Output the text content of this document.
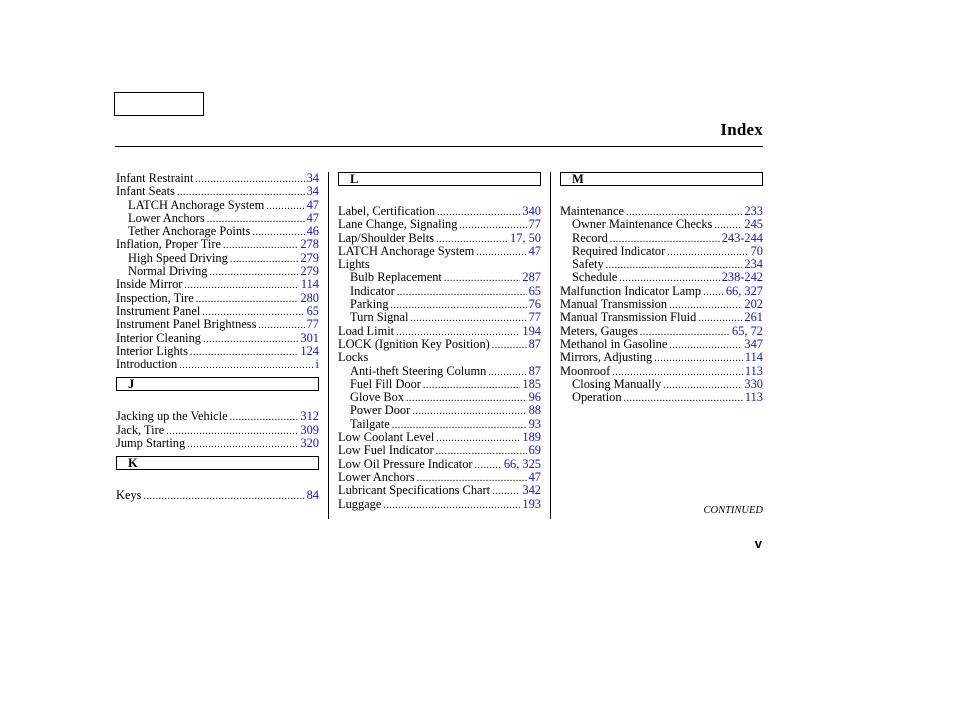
Index
Infant Restraint .....	34
Infant Seats .....	34
LATCH Anchorage System .....	47
Lower Anchors .....	47
Tether Anchorage Points .....	46
Inflation, Proper Tire .....	278
High Speed Driving .....	279
Normal Driving .....	279
Inside Mirror .....	114
Inspection, Tire .....	280
Instrument Panel .....	65
Instrument Panel Brightness .....	77
Interior Cleaning .....	301
Interior Lights .....	124
Introduction .....	i
J
Jacking up the Vehicle .....	312
Jack, Tire .....	309
Jump Starting .....	320
K
Keys .....	84
L
Label, Certification .....	340
Lane Change, Signaling .....	77
Lap/Shoulder Belts .....	17, 50
LATCH Anchorage System .....	47
Lights
Bulb Replacement .....	287
Indicator .....	65
Parking .....	76
Turn Signal .....	77
Load Limit .....	194
LOCK (Ignition Key Position) .....	87
Locks
Anti-theft Steering Column .....	87
Fuel Fill Door .....	185
Glove Box .....	96
Power Door .....	88
Tailgate .....	93
Low Coolant Level .....	189
Low Fuel Indicator .....	69
Low Oil Pressure Indicator .....	66, 325
Lower Anchors .....	47
Lubricant Specifications Chart .....	342
Luggage .....	193
M
Maintenance .....	233
Owner Maintenance Checks .....	245
Record .....	243-244
Required Indicator .....	70
Safety .....	234
Schedule .....	238-242
Malfunction Indicator Lamp ..... 66, 327
Manual Transmission .....	202
Manual Transmission Fluid .....	261
Meters, Gauges .....	65, 72
Methanol in Gasoline .....	347
Mirrors, Adjusting .....	114
Moonroof .....	113
Closing Manually .....	330
Operation .....	113
CONTINUED
v
